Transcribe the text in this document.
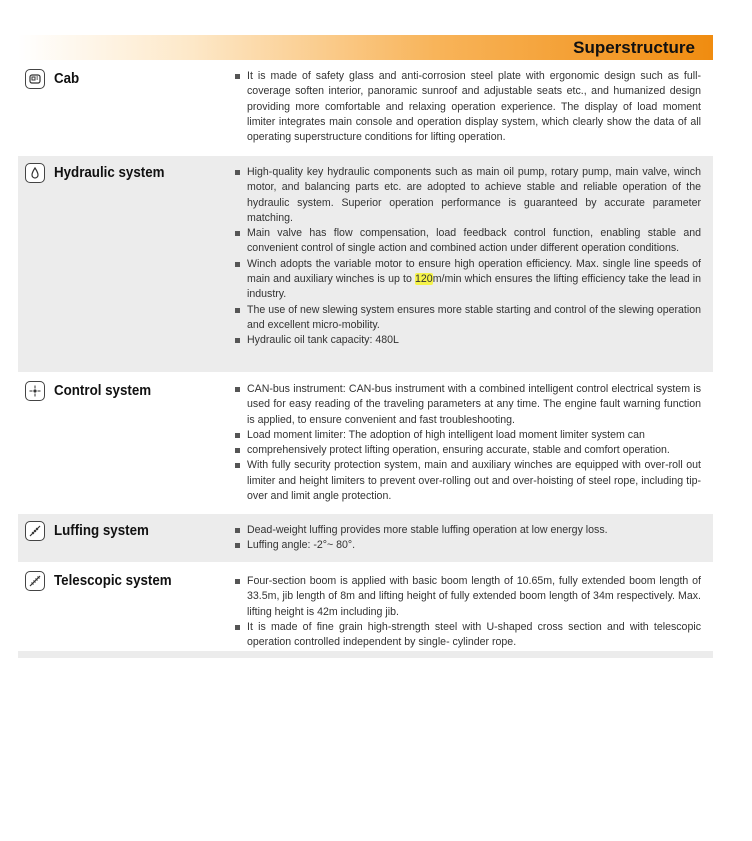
Superstructure
Cab	It is made of safety glass and anti-corrosion steel plate with ergonomic design such as full-coverage soften interior, panoramic sunroof and adjustable seats etc., and humanized design providing more comfortable and relaxing operation experience. The display of load moment limiter integrates main console and operation display system, which clearly show the data of all operating superstructure conditions for lifting operation.
Hydraulic system	High-quality key hydraulic components such as main oil pump, rotary pump, main valve, winch motor, and balancing parts etc. are adopted to achieve stable and reliable operation of the hydraulic system. Superior operation performance is guaranteed by accurate parameter matching.
Main valve has flow compensation, load feedback control function, enabling stable and convenient control of single action and combined action under different operation conditions.
Winch adopts the variable motor to ensure high operation efficiency. Max. single line speeds of main and auxiliary winches is up to 120m/min which ensures the lifting efficiency take the lead in industry.
The use of new slewing system ensures more stable starting and control of the slewing operation and excellent micro-mobility.
Hydraulic oil tank capacity: 480L
Control system	CAN-bus instrument: CAN-bus instrument with a combined intelligent control electrical system is used for easy reading of the traveling parameters at any time. The engine fault warning function is applied, to ensure convenient and fast troubleshooting.
Load moment limiter: The adoption of high intelligent load moment limiter system can
comprehensively protect lifting operation, ensuring accurate, stable and comfort operation.
With fully security protection system, main and auxiliary winches are equipped with over-roll out limiter and height limiters to prevent over-rolling out and over-hoisting of steel rope, including tip-over and limit angle protection.
Luffing system	Dead-weight luffing provides more stable luffing operation at low energy loss.
Luffing angle: -2°~ 80°.
Telescopic system	Four-section boom is applied with basic boom length of 10.65m, fully extended boom length of 33.5m, jib length of 8m and lifting height of fully extended boom length of 34m respectively. Max. lifting height is 42m including jib.
It is made of fine grain high-strength steel with U-shaped cross section and with telescopic operation controlled independent by single- cylinder rope.
